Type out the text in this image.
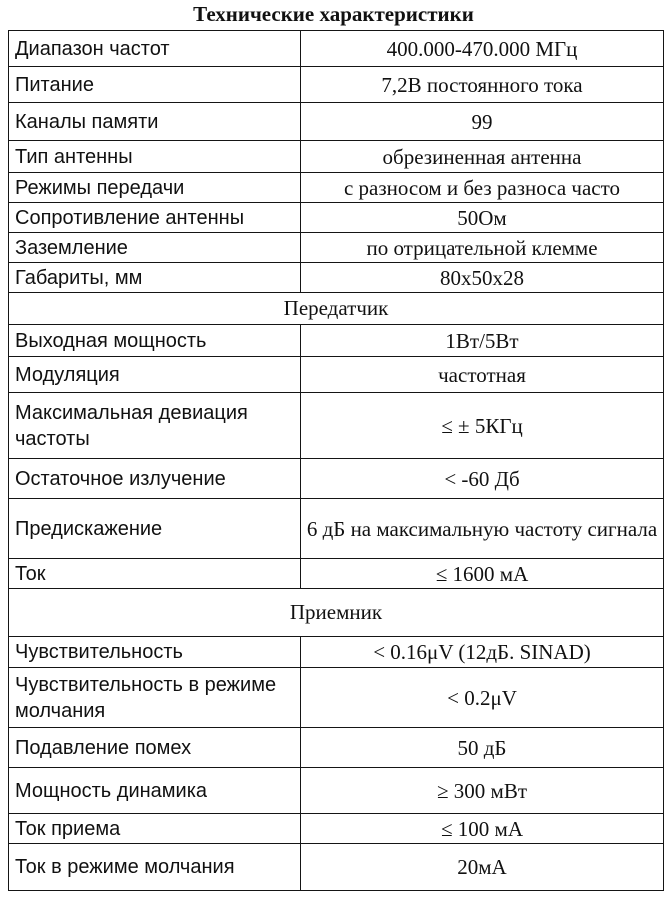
Технические характеристики
Диапазон частот	400.000-470.000 МГц
Питание	7,2В постоянного тока
Каналы памяти	99
Тип антенны	обрезиненная антенна
Режимы передачи	с разносом и без разноса часто
Сопротивление антенны	50Ом
Заземление	по отрицательной клемме
Габариты, мм	80x50x28
Передатчик	
Выходная мощность	1Вт/5Вт
Модуляция	частотная
Максимальная девиация частоты	≤ ± 5КГц
Остаточное излучение	< -60 Дб
Предискажение	6 дБ на максимальную частоту сигнала
Ток	≤ 1600 мА
Приемник	
Чувствительность	< 0.16μV (12дБ. SINAD)
Чувствительность в режиме молчания	< 0.2μV
Подавление помех	50 дБ
Мощность динамика	≥ 300 мВт
Ток приема	≤ 100 мА
Ток в режиме молчания	20мА
